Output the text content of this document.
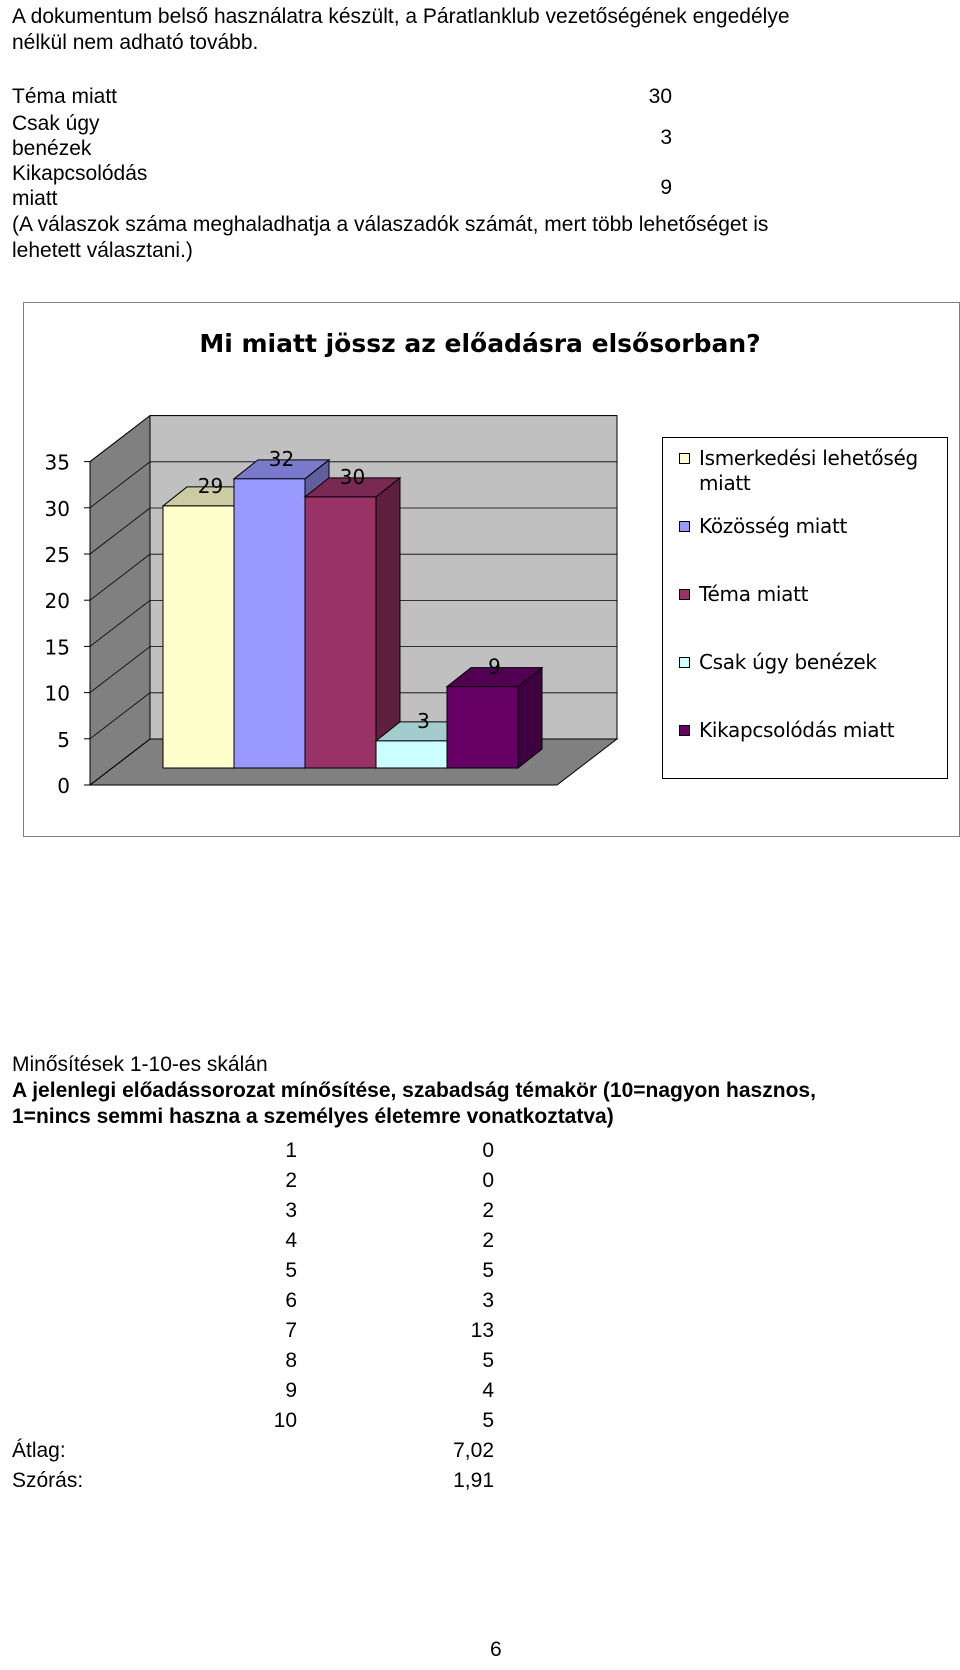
A dokumentum belső használatra készült, a Páratlanklub vezetőségének engedélye
nélkül nem adható tovább.
Téma miatt	30
Csak úgy
benézek	3
Kikapcsolódás
miatt	9
(A válaszok száma meghaladhatja a válaszadók számát, mert több lehetőséget is
lehetett választani.)
Mi miatt jössz az előadásra elsősorban?
0
5
10
15
20
25
30
35
29
32
30
3
9
Ismerkedési lehetőség miatt
Közösség miatt
Téma miatt
Csak úgy benézek
Kikapcsolódás miatt
Minősítések 1-10-es skálán
A jelenlegi előadássorozat mínősítése, szabadság témakör (10=nagyon hasznos,
1=nincs semmi haszna a személyes életemre vonatkoztatva)
1	0
2	0
3	2
4	2
5	5
6	3
7	13
8	5
9	4
10	5
Átlag:	7,02
Szórás:	1,91
6
